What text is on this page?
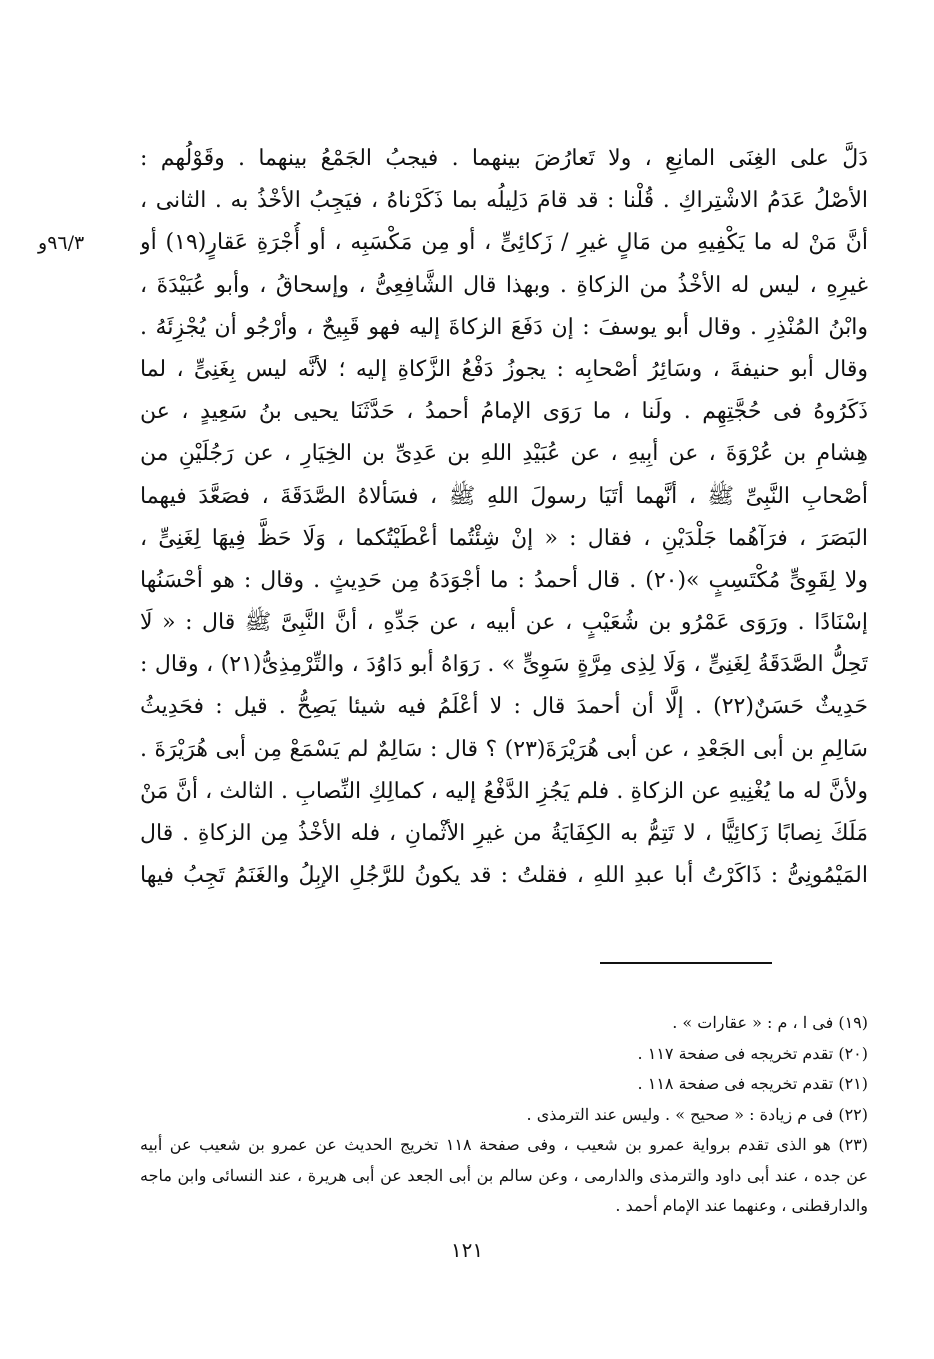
٩٦/٣و
دَلَّ على الغِنَى المانِعِ ، ولا تَعارُضَ بينهما . فيجبُ الجَمْعُ بينهما . وقَوْلُهم :
الأصْلُ عَدَمُ الاشْتِراكِ . قُلْنا : قد قامَ دَلِيلُه بما ذَكَرْناهُ ، فيَجِبُ الأخْذُ به . الثانى ،
أنَّ مَنْ له ما يَكْفِيهِ من مَالٍ غيرِ / زَكائِىٍّ ، أو مِن مَكْسَبِه ، أو أُجْرَةِ عَقارٍ(١٩) أو
غيرِهِ ، ليس له الأخْذُ من الزكاةِ . وبهذا قال الشَّافِعِىُّ ، وإسحاقُ ، وأبو عُبَيْدَةَ ،
وابْنُ المُنْذِرِ . وقال أبو يوسفَ : إن دَفَعَ الزكاةَ إليه فهو قَبِيحٌ ، وأرْجُو أن يُجْزِئَهُ .
وقال أبو حنيفةَ ، وسَائِرُ أصْحابِه : يجوزُ دَفْعُ الزَّكاةِ إليه ؛ لأنَّه ليس بِغَنِىٍّ ، لما
ذَكَرُوهُ فى حُجَّتِهِم . ولَنا ، ما رَوَى الإمامُ أحمدُ ، حَدَّثَنَا يحيى بنُ سَعِيدٍ ، عن
هِشامِ بن عُرْوَةَ ، عن أبِيهِ ، عن عُبَيْدِ اللهِ بن عَدِىِّ بن الخِيَارِ ، عن رَجُلَيْنِ من
أصْحابِ النَّبِىِّ ﷺ ، أنَّهما أتَيَا رسولَ اللهِ ﷺ ، فسَألاهُ الصَّدَقَةَ ، فصَعَّدَ فيهما
البَصَرَ ، فرَآهُما جَلْدَيْنِ ، فقال : « إنْ شِئْتُما أعْطَيْتُكما ، وَلَا حَظَّ فِيهَا لِغَنِىٍّ ،
ولا لِقَوِىٍّ مُكْتَسِبٍ »(٢٠) . قال أحمدُ : ما أجْوَدَهُ مِن حَدِيثٍ . وقال : هو أحْسَنُها
إسْنَادًا . ورَوَى عَمْرُو بن شُعَيْبٍ ، عن أبيه ، عن جَدِّهِ ، أنَّ النَّبِىَّ ﷺ قال : « لَا
تَحِلُّ الصَّدَقَةُ لِغَنِىٍّ ، وَلَا لِذِى مِرَّةٍ سَوِىٍّ » . رَوَاهُ أبو دَاوُدَ ، والتِّرْمِذِىُّ(٢١) ، وقال :
حَدِيثٌ حَسَنٌ(٢٢) . إلَّا أن أحمدَ قال : لا أعْلَمُ فيه شيئا يَصِحُّ . قيل : فحَدِيثُ
سَالِمِ بن أبى الجَعْدِ ، عن أبى هُرَيْرَةَ(٢٣) ؟ قال : سَالِمٌ لم يَسْمَعْ مِن أبى هُرَيْرَةَ .
ولأنَّ له ما يُغْنِيهِ عن الزكاةِ . فلم يَجُزِ الدَّفْعُ إليه ، كمالِكِ النِّصابِ . الثالث ، أنَّ مَنْ
مَلَكَ نِصابًا زَكائِيًّا ، لا تَتِمُّ به الكِفَايَةُ من غيرِ الأثْمانِ ، فله الأخْذُ مِن الزكاةِ . قال
المَيْمُونِىُّ : ذَاكَرْتُ أبا عبدِ اللهِ ، فقلتُ : قد يكونُ للرَّجُلِ الإبِلُ والغَنَمُ تَجِبُ فيها
(١٩) فى ا ، م : « عقارات » .
(٢٠) تقدم تخريجه فى صفحة ١١٧ .
(٢١) تقدم تخريجه فى صفحة ١١٨ .
(٢٢) فى م زيادة : « صحيح » . وليس عند الترمذى .
(٢٣) هو الذى تقدم برواية عمرو بن شعيب ، وفى صفحة ١١٨ تخريج الحديث عن عمرو بن شعيب عن أبيه
عن جده ، عند أبى داود والترمذى والدارمى ، وعن سالم بن أبى الجعد عن أبى هريرة ، عند النسائى وابن ماجه
والدارقطنى ، وعنهما عند الإمام أحمد .
١٢١
